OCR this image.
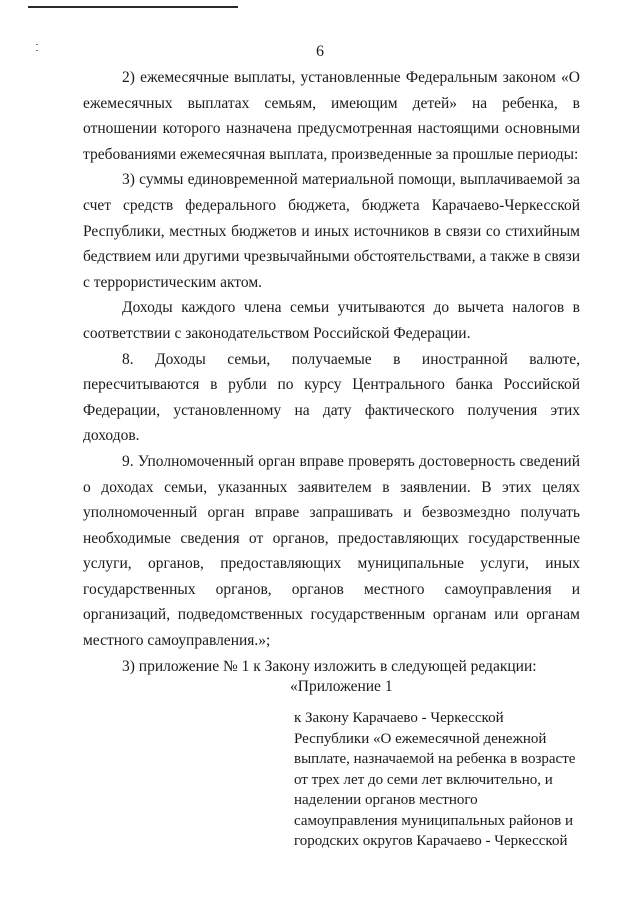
6

2) ежемесячные выплаты, установленные Федеральным законом «О ежемесячных выплатах семьям, имеющим детей» на ребенка, в отношении которого назначена предусмотренная настоящими основными требованиями ежемесячная выплата, произведенные за прошлые периоды:

3) суммы единовременной материальной помощи, выплачиваемой за счет средств федерального бюджета, бюджета Карачаево-Черкесской Республики, местных бюджетов и иных источников в связи со стихийным бедствием или другими чрезвычайными обстоятельствами, а также в связи с террористическим актом.

Доходы каждого члена семьи учитываются до вычета налогов в соответствии с законодательством Российской Федерации.

8. Доходы семьи, получаемые в иностранной валюте, пересчитываются в рубли по курсу Центрального банка Российской Федерации, установленному на дату фактического получения этих доходов.

9. Уполномоченный орган вправе проверять достоверность сведений о доходах семьи, указанных заявителем в заявлении. В этих целях уполномоченный орган вправе запрашивать и безвозмездно получать необходимые сведения от органов, предоставляющих государственные услуги, органов, предоставляющих муниципальные услуги, иных государственных органов, органов местного самоуправления и организаций, подведомственных государственным органам или органам местного самоуправления.»;

3) приложение № 1 к Закону изложить в следующей редакции:

«Приложение 1
к Закону Карачаево - Черкесской
Республики «О ежемесячной денежной
выплате, назначаемой на ребенка в возрасте
от трех лет до семи лет включительно, и
наделении органов местного
самоуправления муниципальных районов и
городских округов Карачаево - Черкесской
